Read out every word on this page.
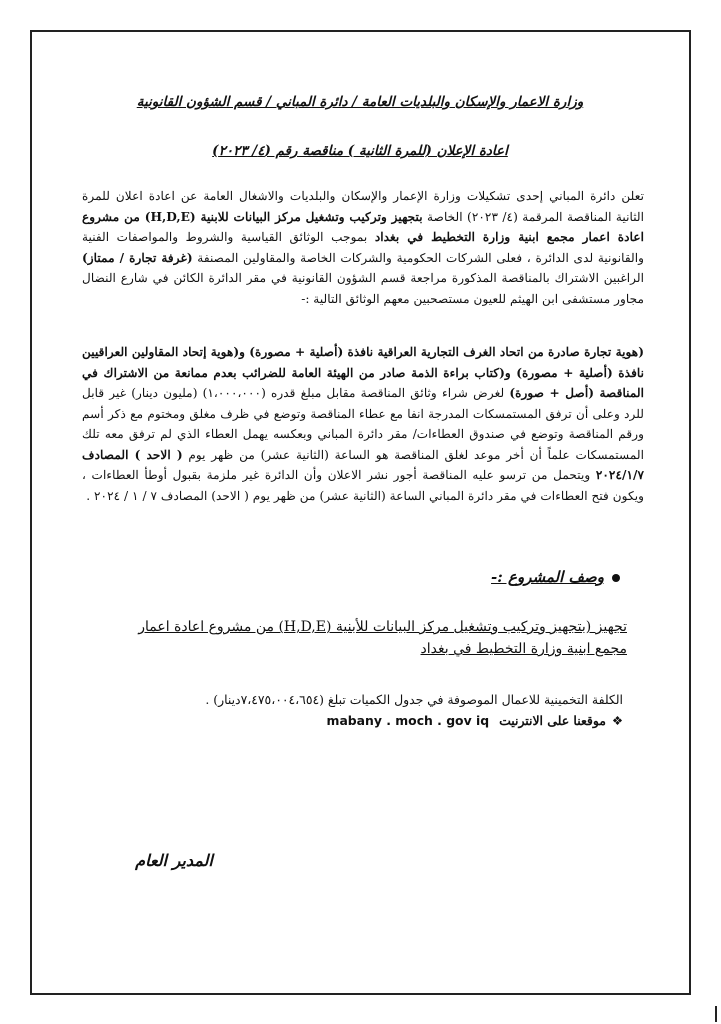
وزارة الاعمار والإسكان والبلديات العامة / دائرة المباني / قسم الشؤون القانونية
اعادة الإعلان (للمرة الثانية ) مناقصة رقم (٤/ ٢٠٢٣)
تعلن دائرة المباني إحدى تشكيلات وزارة الإعمار والإسكان والبلديات والاشغال العامة عن اعادة اعلان للمرة الثانية المناقصة المرقمة (٤/ ٢٠٢٣) الخاصة بتجهيز وتركيب وتشغيل مركز البيانات للابنية (H,D,E) من مشروع اعادة اعمار مجمع ابنية وزارة التخطيط في بغداد بموجب الوثائق القياسية والشروط والمواصفات الفنية والقانونية لدى الدائرة ، فعلى الشركات الحكومية والشركات الخاصة والمقاولين المصنفة (غرفة تجارة / ممتاز) الراغبين الاشتراك بالمناقصة المذكورة مراجعة قسم الشؤون القانونية في مقر الدائرة الكائن في شارع النضال مجاور مستشفى ابن الهيثم للعيون مستصحبين معهم الوثائق التالية :-
(هوية تجارة صادرة من اتحاد الغرف التجارية العراقية نافذة (أصلية + مصورة) و(هوية إتحاد المقاولين العراقيين نافذة (أصلية + مصورة) و(كتاب براءة الذمة صادر من الهيئة العامة للضرائب بعدم ممانعة من الاشتراك في المناقصة (أصل + صورة) لغرض شراء وثائق المناقصة مقابل مبلغ قدره (١،٠٠٠،٠٠٠) (مليون دينار) غير قابل للرد وعلى أن ترفق المستمسكات المدرجة انفا مع عطاء المناقصة وتوضع في ظرف مغلق ومختوم مع ذكر أسم ورقم المناقصة وتوضع في صندوق العطاءات/ مقر دائرة المباني وبعكسه يهمل العطاء الذي لم ترفق معه تلك المستمسكات علماً أن أخر موعد لغلق المناقصة هو الساعة (الثانية عشر) من ظهر يوم ( الاحد ) المصادف ٢٠٢٤/١/٧ ويتحمل من ترسو عليه المناقصة أجور نشر الاعلان وأن الدائرة غير ملزمة بقبول أوطأ العطاءات ، ويكون فتح العطاءات في مقر دائرة المباني الساعة (الثانية عشر) من ظهر يوم ( الاحد) المصادف ٧ / ١ / ٢٠٢٤ .
وصف المشروع :-
تجهيز (بتجهيز وتركيب وتشغيل مركز البيانات للأبنية (H,D,E) من مشروع اعادة اعمار مجمع ابنية وزارة التخطيط في بغداد
الكلفة التخمينية للاعمال الموصوفة في جدول الكميات تبلغ (٧،٤٧٥،٠٠٤،٦٥٤دينار) .
❖موقعنا على الانترنيتmabany . moch . gov iq
المدير العام
